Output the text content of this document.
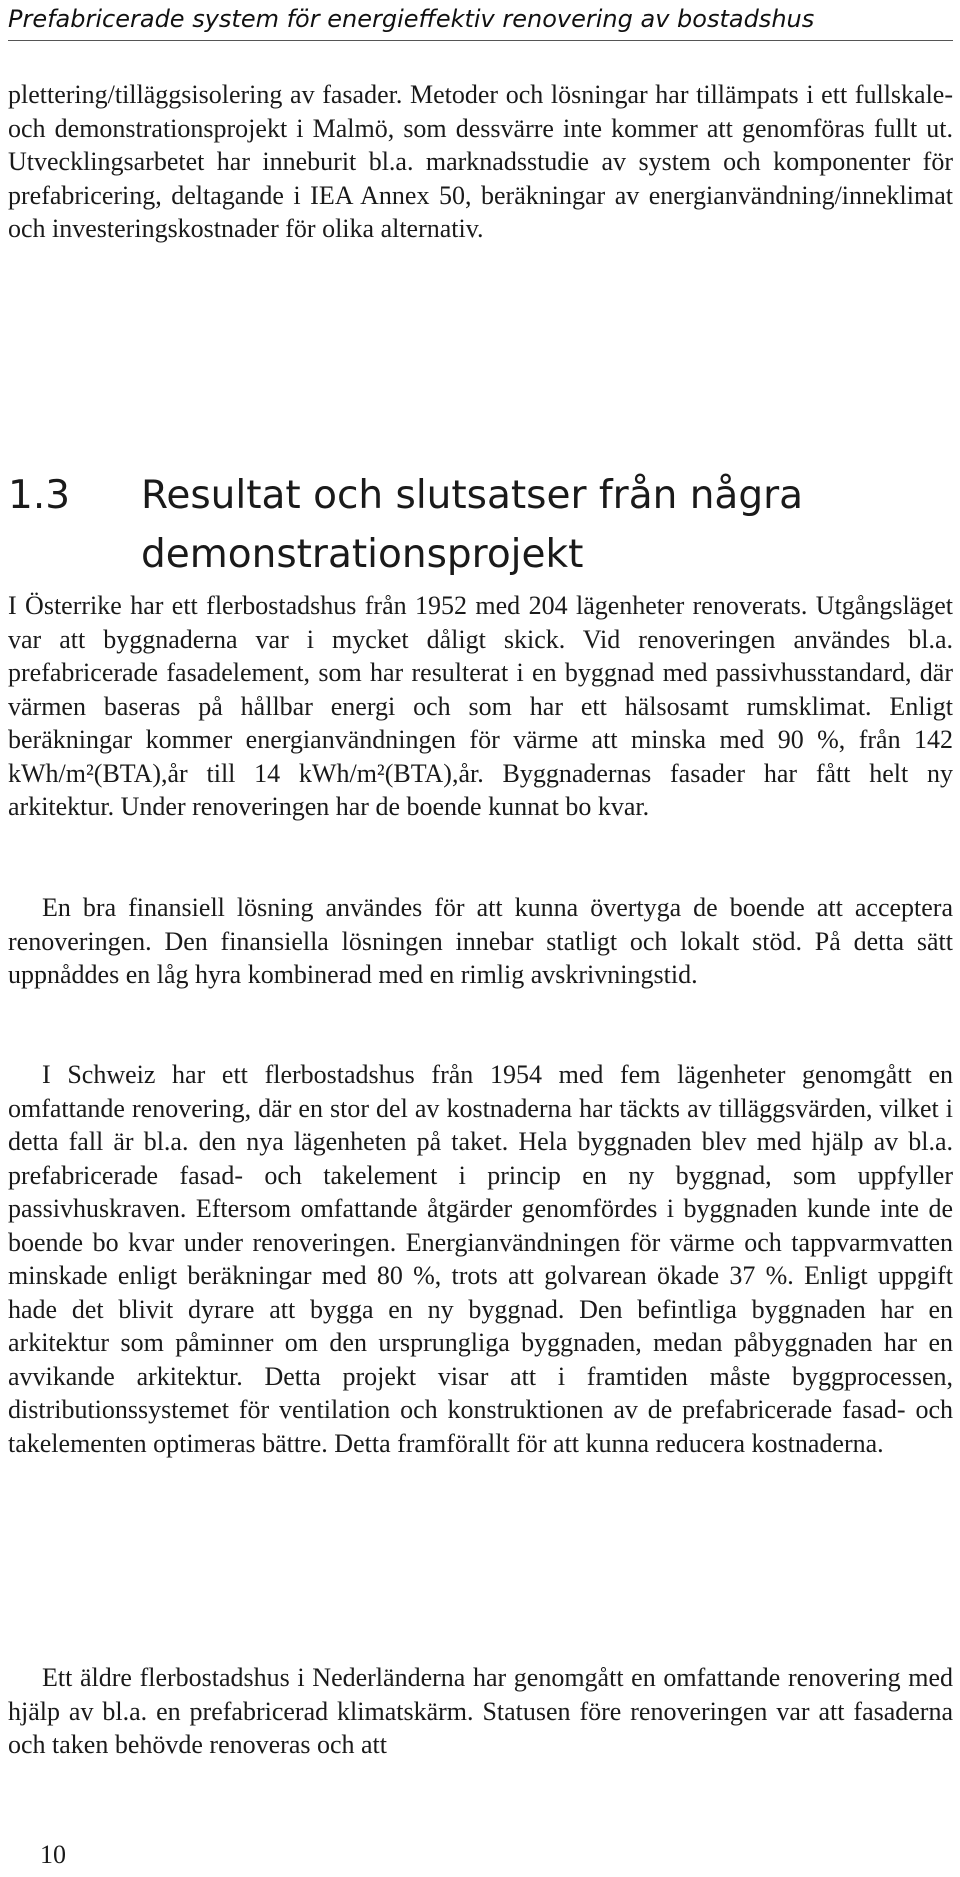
Prefabricerade system för energieffektiv renovering av bostadshus

plettering/tilläggsisolering av fasader. Metoder och lösningar har tillämpats i ett fullskale- och demonstrationsprojekt i Malmö, som dessvärre inte kommer att genomföras fullt ut. Utvecklingsarbetet har inneburit bl.a. marknadsstudie av system och komponenter för prefabricering, deltagande i IEA Annex 50, beräkningar av energianvändning/inneklimat och investeringskostnader för olika alternativ.

1.3	Resultat och slutsatser från några demonstrationsprojekt

I Österrike har ett flerbostadshus från 1952 med 204 lägenheter renoverats. Utgångsläget var att byggnaderna var i mycket dåligt skick. Vid renoveringen användes bl.a. prefabricerade fasadelement, som har resulterat i en byggnad med passivhusstandard, där värmen baseras på hållbar energi och som har ett hälsosamt rumsklimat. Enligt beräkningar kommer energianvändningen för värme att minska med 90 %, från 142 kWh/m²(BTA),år till 14 kWh/m²(BTA),år. Byggnadernas fasader har fått helt ny arkitektur. Under renoveringen har de boende kunnat bo kvar.

En bra finansiell lösning användes för att kunna övertyga de boende att acceptera renoveringen. Den finansiella lösningen innebar statligt och lokalt stöd. På detta sätt uppnåddes en låg hyra kombinerad med en rimlig avskrivningstid.

I Schweiz har ett flerbostadshus från 1954 med fem lägenheter genomgått en omfattande renovering, där en stor del av kostnaderna har täckts av tilläggsvärden, vilket i detta fall är bl.a. den nya lägenheten på taket. Hela byggnaden blev med hjälp av bl.a. prefabricerade fasad- och takelement i princip en ny byggnad, som uppfyller passivhuskraven. Eftersom omfattande åtgärder genomfördes i byggnaden kunde inte de boende bo kvar under renoveringen. Energianvändningen för värme och tappvarmvatten minskade enligt beräkningar med 80 %, trots att golvarean ökade 37 %. Enligt uppgift hade det blivit dyrare att bygga en ny byggnad. Den befintliga byggnaden har en arkitektur som påminner om den ursprungliga byggnaden, medan påbyggnaden har en avvikande arkitektur. Detta projekt visar att i framtiden måste byggprocessen, distributionssystemet för ventilation och konstruktionen av de prefabricerade fasad- och takelementen optimeras bättre. Detta framförallt för att kunna reducera kostnaderna.

Ett äldre flerbostadshus i Nederländerna har genomgått en omfattande renovering med hjälp av bl.a. en prefabricerad klimatskärm. Statusen före renoveringen var att fasaderna och taken behövde renoveras och att

10
